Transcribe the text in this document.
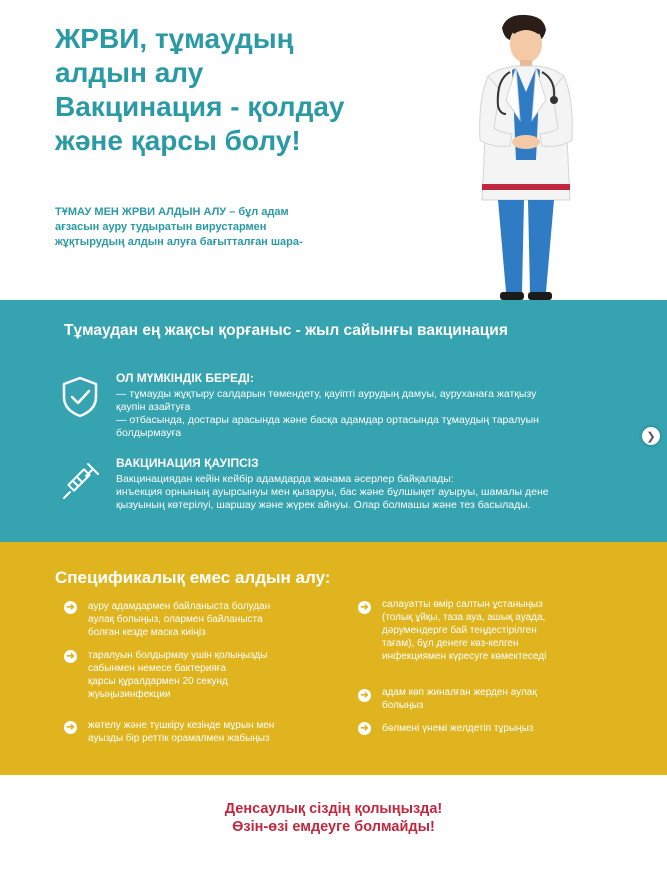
ЖРВИ, тұмаудың
алдын алу
Вакцинация - қолдау
және қарсы болу!

ТҰМАУ МЕН ЖРВИ АЛДЫН АЛУ – бұл адам
ағзасын ауру тудыратын вирустармен
жұқтырудың алдын алуға бағытталған шара-

Тұмаудан ең жақсы қорғаныс - жыл сайынғы вакцинация
ОЛ МҮМКІНДІК БЕРЕДІ:
— тұмауды жұқтыру салдарын төмендету, қауіпті аурудың дамуы, ауруханаға жатқызу
қаупін азайтуға
— отбасында, достары арасында және басқа адамдар ортасында тұмаудың таралуын
болдырмауға
ВАКЦИНАЦИЯ ҚАУІПСІЗ
Вакцинациядан кейін кейбір адамдарда жанама әсерлер байқалады:
инъекция орнының ауырсынуы мен қызаруы, бас және бұлшықет ауыруы, шамалы дене
қызуының көтерілуі, шаршау және жүрек айнуы. Олар болмашы және тез басылады.
❯
Спецификалық емес алдын алу:
➜ ауру адамдармен байланыста болудан
аулақ болыңыз, олармен байланыста
болған кезде маска киіңіз
➜ таралуын болдырмау үшін қолыңызды
сабынмен немесе бактерияға
қарсы құралдармен 20 секунд
жуыңызинфекции
➜ жөтелу және түшкіру кезінде мұрын мен
ауызды бір реттік орамалмен жабыңыз
➜ салауатты өмір салтын ұстаныңыз
(толық ұйқы, таза ауа, ашық ауада,
дәрумендерге бай теңдестірілген
тағам), бұл денеге көз-келген
инфекциямен күресуге көмектеседі
➜ адам көп жиналған жерден аулақ
болыңыз
➜ бөлмені үнемі желдетіп тұрыңыз
Денсаулық сіздің қолыңызда!
Өзін-өзі емдеуге болмайды!
